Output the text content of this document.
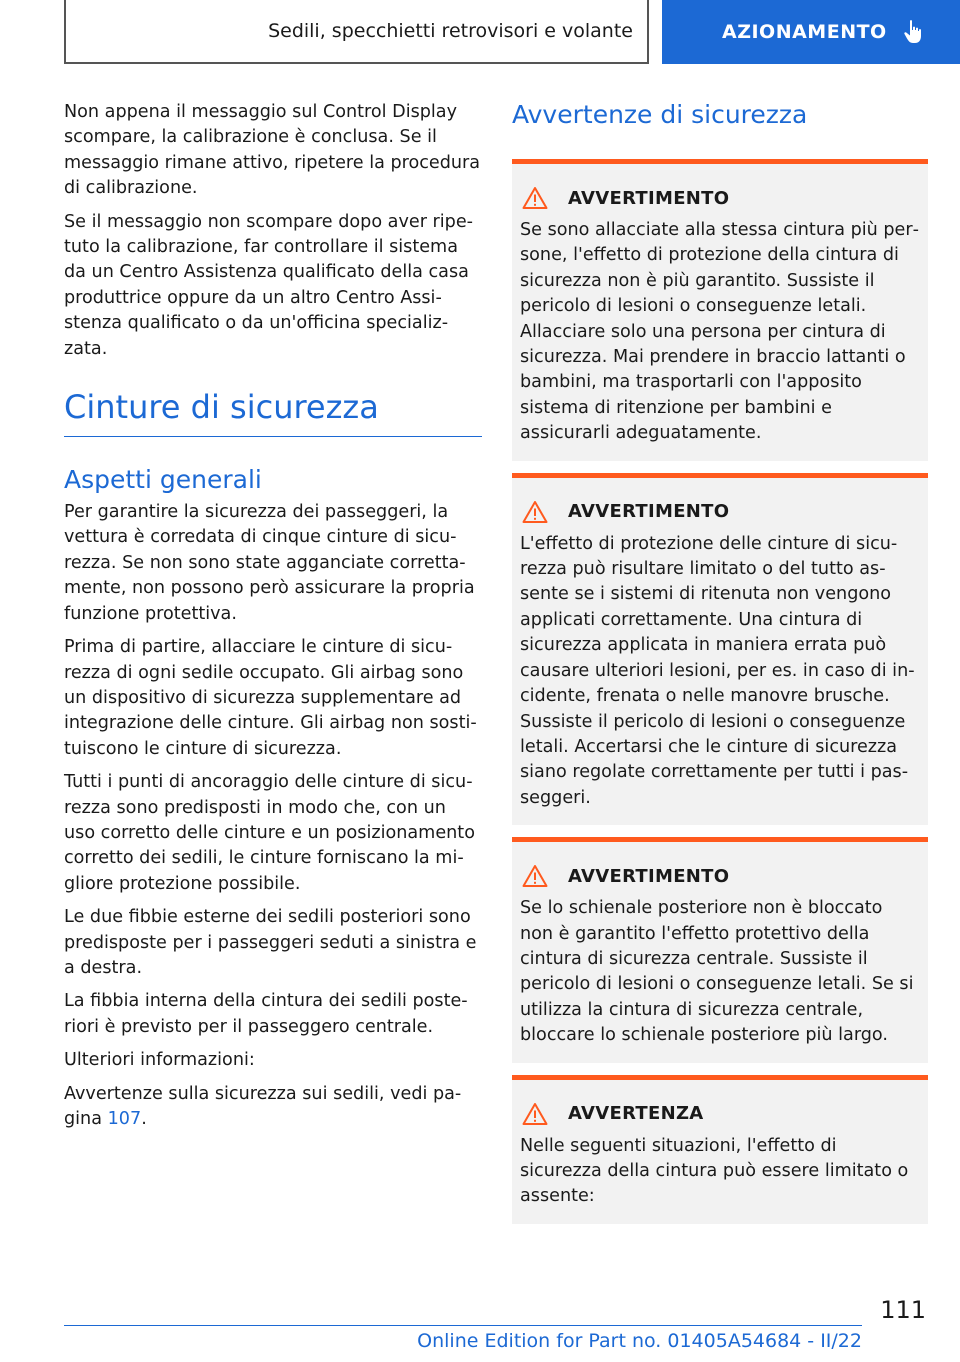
Sedili, specchietti retrovisori e volante	AZIONAMENTO

Non appena il messaggio sul Control Display scompare, la calibrazione è conclusa. Se il messaggio rimane attivo, ripetere la procedura di calibrazione.

Se il messaggio non scompare dopo aver ripetuto la calibrazione, far controllare il sistema da un Centro Assistenza qualificato della casa produttrice oppure da un altro Centro Assistenza qualificato o da un'officina specializzata.

Cinture di sicurezza
Aspetti generali

Per garantire la sicurezza dei passeggeri, la vettura è corredata di cinque cinture di sicurezza. Se non sono state agganciate correttamente, non possono però assicurare la propria funzione protettiva.

Prima di partire, allacciare le cinture di sicurezza di ogni sedile occupato. Gli airbag sono un dispositivo di sicurezza supplementare ad integrazione delle cinture. Gli airbag non sostituiscono le cinture di sicurezza.

Tutti i punti di ancoraggio delle cinture di sicurezza sono predisposti in modo che, con un uso corretto delle cinture e un posizionamento corretto dei sedili, le cinture forniscano la migliore protezione possibile.

Le due fibbie esterne dei sedili posteriori sono predisposte per i passeggeri seduti a sinistra e a destra.

La fibbia interna della cintura dei sedili posteriori è previsto per il passeggero centrale.

Ulteriori informazioni:

Avvertenze sulla sicurezza sui sedili, vedi pagina 107.

Avvertenze di sicurezza
AVVERTIMENTO

Se sono allacciate alla stessa cintura più persone, l'effetto di protezione della cintura di sicurezza non è più garantito. Sussiste il pericolo di lesioni o conseguenze letali. Allacciare solo una persona per cintura di sicurezza. Mai prendere in braccio lattanti o bambini, ma trasportarli con l'apposito sistema di ritenzione per bambini e assicurarli adeguatamente.

AVVERTIMENTO

L'effetto di protezione delle cinture di sicurezza può risultare limitato o del tutto assente se i sistemi di ritenuta non vengono applicati correttamente. Una cintura di sicurezza applicata in maniera errata può causare ulteriori lesioni, per es. in caso di incidente, frenata o nelle manovre brusche. Sussiste il pericolo di lesioni o conseguenze letali. Accertarsi che le cinture di sicurezza siano regolate correttamente per tutti i passeggeri.

AVVERTIMENTO

Se lo schienale posteriore non è bloccato non è garantito l'effetto protettivo della cintura di sicurezza centrale. Sussiste il pericolo di lesioni o conseguenze letali. Se si utilizza la cintura di sicurezza centrale, bloccare lo schienale posteriore più largo.

AVVERTENZA

Nelle seguenti situazioni, l'effetto di sicurezza della cintura può essere limitato o assente:

111
Online Edition for Part no. 01405A54684 - II/22
